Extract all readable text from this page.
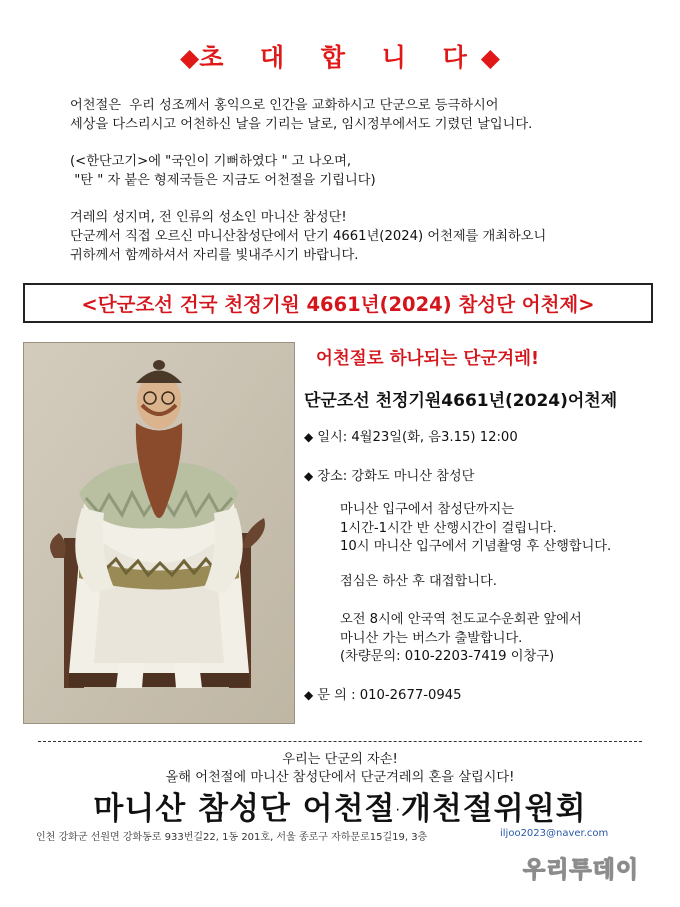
◆초 대 합 니 다◆
어천절은  우리 성조께서 홍익으로 인간을 교화하시고 단군으로 등극하시어
세상을 다스리시고 어천하신 날을 기리는 날로, 임시정부에서도 기렸던 날입니다.
(<한단고기>에 "국인이 기뻐하였다 " 고 나오며,
"탄 " 자 붙은 형제국들은 지금도 어천절을 기립니다)
겨레의 성지며, 전 인류의 성소인 마니산 참성단!
단군께서 직접 오르신 마니산참성단에서 단기 4661년(2024) 어천제를 개최하오니
귀하께서 함께하셔서 자리를 빛내주시기 바랍니다.
<단군조선 건국 천정기원 4661년(2024) 참성단 어천제>
어천절로 하나되는 단군겨레!
단군조선 천정기원4661년(2024)어천제
◆ 일시: 4월23일(화, 음3.15) 12:00
◆ 장소: 강화도 마니산 참성단
마니산 입구에서 참성단까지는
1시간-1시간 반 산행시간이 걸립니다.
10시 마니산 입구에서 기념촬영 후 산행합니다.
점심은 하산 후 대접합니다.
오전 8시에 안국역 천도교수운회관 앞에서
마니산 가는 버스가 출발합니다.
(차량문의: 010-2203-7419 이창구)
◆ 문 의 : 010-2677-0945
우리는 단군의 자손!
올해 어천절에 마니산 참성단에서 단군겨레의 혼을 살립시다!
마니산 참성단 어천절·개천절위원회
인천 강화군 선원면 강화동로 933번길22, 1동 201호, 서울 종로구 자하문로15길19, 3층	iljoo2023@naver.com
우리투데이
